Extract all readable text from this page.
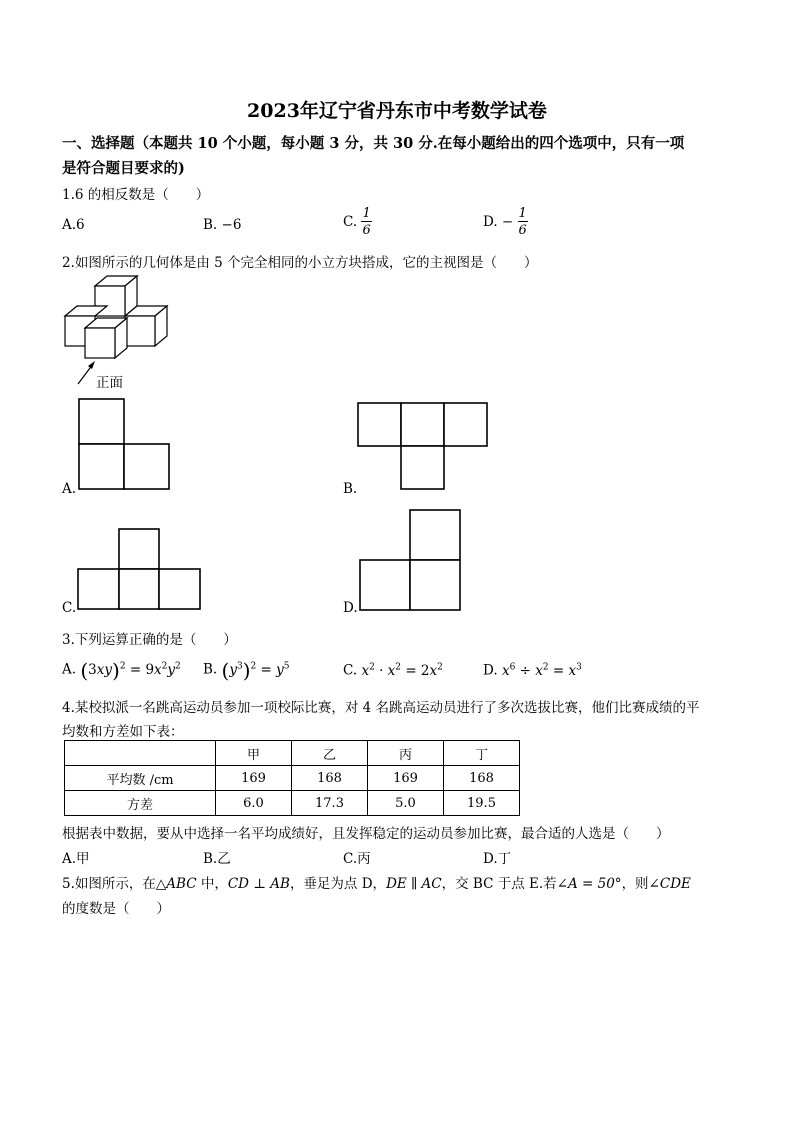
2023年辽宁省丹东市中考数学试卷
一、选择题（本题共 10 个小题，每小题 3 分，共 30 分.在每小题给出的四个选项中，只有一项
是符合题目要求的)
1.6 的相反数是（　　）
A.6	B. −6	C. $\frac{1}{6}$	D. − $\frac{1}{6}$
2.如图所示的几何体是由 5 个完全相同的小立方块搭成，它的主视图是（　　）
正面
A.	B.
C.	D.
3.下列运算正确的是（　　）
A. $(3xy)^2 = 9x^2y^2$ B. $(y^3)^2 = y^5$	C. $x^2 \cdot x^2 = 2x^2$	D. $x^6 \div x^2 = x^3$
4.某校拟派一名跳高运动员参加一项校际比赛，对 4 名跳高运动员进行了多次选拔比赛，他们比赛成绩的平
均数和方差如下表：
	甲	乙	丙	丁
平均数 /cm	169	168	169	168
方差	6.0	17.3	5.0	19.5
根据表中数据，要从中选择一名平均成绩好，且发挥稳定的运动员参加比赛，最合适的人选是（　　）
A.甲	B.乙	C.丙	D.丁
5.如图所示，在△ABC 中，CD ⊥ AB，垂足为点 D，DE ∥ AC，交 BC 于点 E.若∠A = 50°，则∠CDE
的度数是（　　）
